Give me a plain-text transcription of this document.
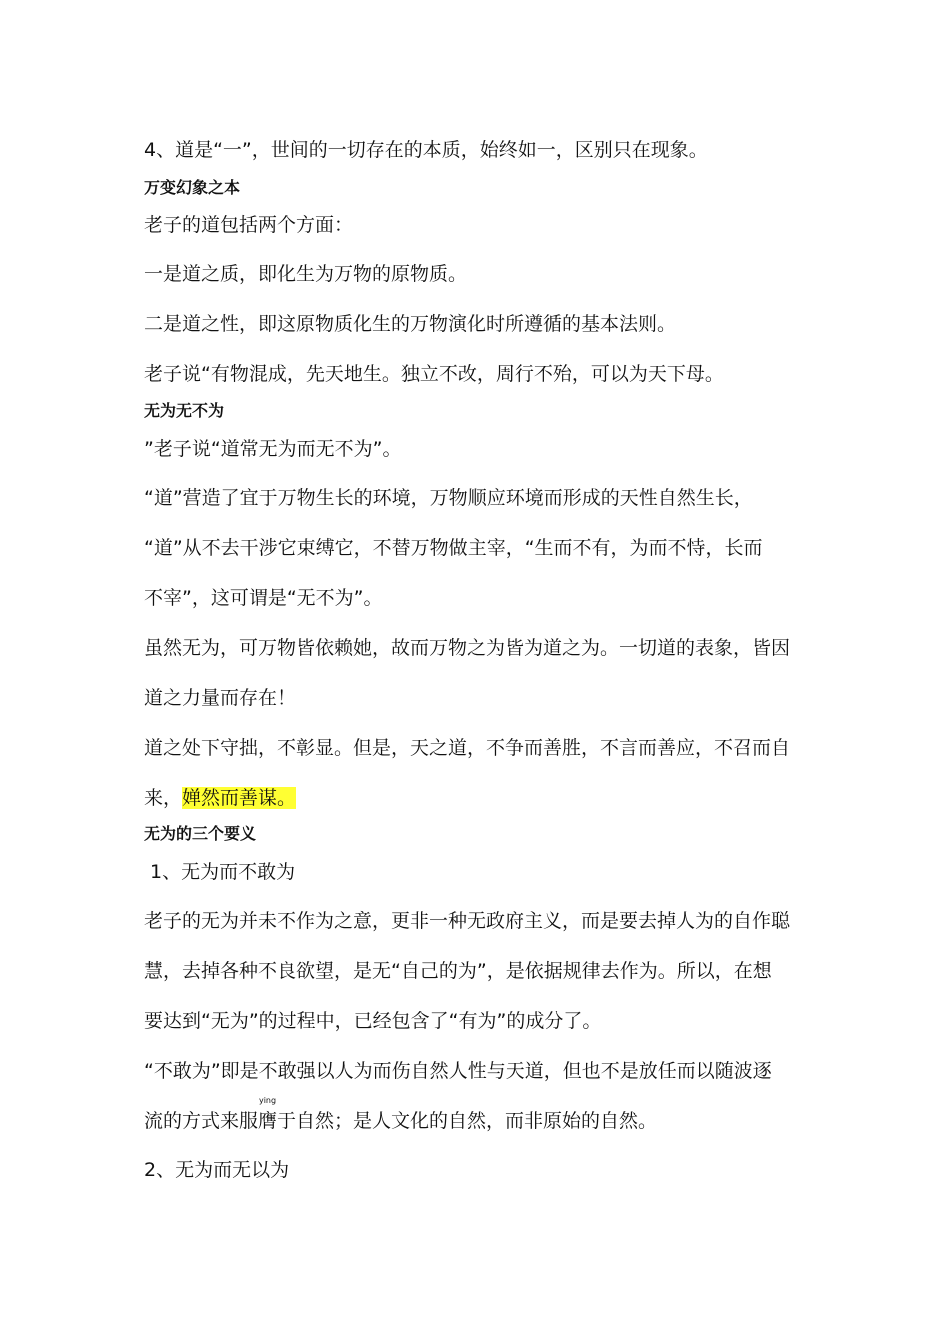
4、道是“一”，世间的一切存在的本质，始终如一，区别只在现象。
万变幻象之本
老子的道包括两个方面：
一是道之质，即化生为万物的原物质。
二是道之性，即这原物质化生的万物演化时所遵循的基本法则。
老子说“有物混成，先天地生。独立不改，周行不殆，可以为天下母。
无为无不为
”老子说“道常无为而无不为”。
“道”营造了宜于万物生长的环境，万物顺应环境而形成的天性自然生长，
“道”从不去干涉它束缚它，不替万物做主宰，“生而不有，为而不恃，长而
不宰”，这可谓是“无不为”。
虽然无为，可万物皆依赖她，故而万物之为皆为道之为。一切道的表象，皆因
道之力量而存在！
道之处下守拙，不彰显。但是，天之道，不争而善胜，不言而善应，不召而自
来，婵然而善谋。
无为的三个要义
1、无为而不敢为
老子的无为并未不作为之意，更非一种无政府主义，而是要去掉人为的自作聪
慧，去掉各种不良欲望，是无“自己的为”，是依据规律去作为。所以，在想
要达到“无为”的过程中，已经包含了“有为”的成分了。
“不敢为”即是不敢强以人为而伤自然人性与天道，但也不是放任而以随波逐
流的方式来服
ying
膺于自然；是人文化的自然，而非原始的自然。
2、无为而无以为
